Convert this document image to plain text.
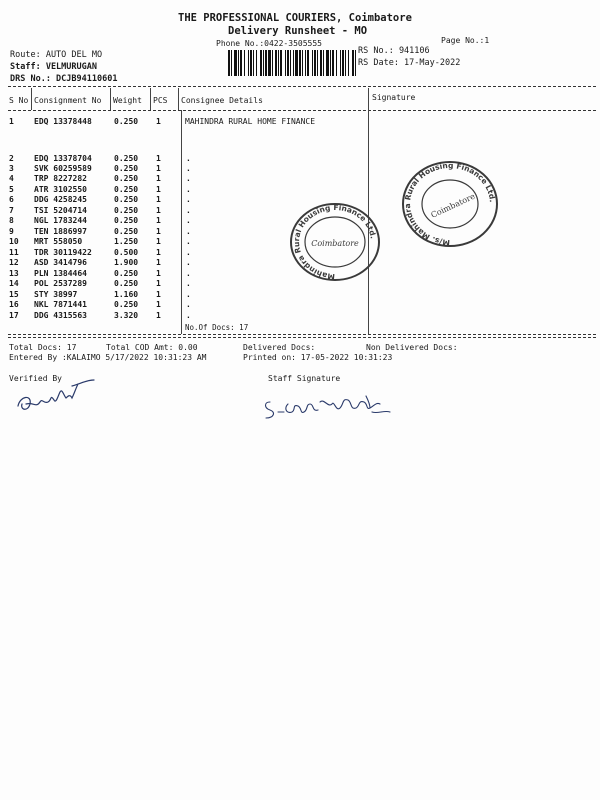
THE PROFESSIONAL COURIERS, Coimbatore
Delivery Runsheet - MO
Phone No.:0422-3505555	Page No.:1
Route: AUTO DEL MO
Staff: VELMURUGAN
DRS No.: DCJB94110601
RS No.: 941106
RS Date: 17-May-2022
S No Consignment No Weight PCS Consignee Details	Signature
1	EDQ 13378448	0.250 1	MAHINDRA RURAL HOME FINANCE
2	EDQ 13378704	0.250 1	.
3	SVK 60259589	0.250 1	.
4	TRP 8227282	0.250 1	.
5	ATR 3102550	0.250 1	.
6	DDG 4258245	0.250 1	.
7	TSI 5204714	0.250 1	.
8	NGL 1783244	0.250 1	.
9	TEN 1886997	0.250 1	.
10 MRT 558050	1.250 1	.
11 TDR 30119422	0.500 1	.
12 ASD 3414796	1.900 1	.
13 PLN 1384464	0.250 1	.
14 POL 2537289	0.250 1	.
15 STY 38997	1.160 1	.
16 NKL 7871441	0.250 1	.
17 DDG 4315563	3.320 1	.
No.Of Docs: 17
Total Docs: 17	Total COD Amt: 0.00	Delivered Docs:	Non Delivered Docs:
Entered By :KALAIMO 5/17/2022 10:31:23 AM	Printed on: 17-05-2022 10:31:23
Verified By	Staff Signature
Mahindra Rural Housing Finance Ltd.
Coimbatore	M/s. Mahindra Rural Housing Finance Ltd.
Coimbatore
